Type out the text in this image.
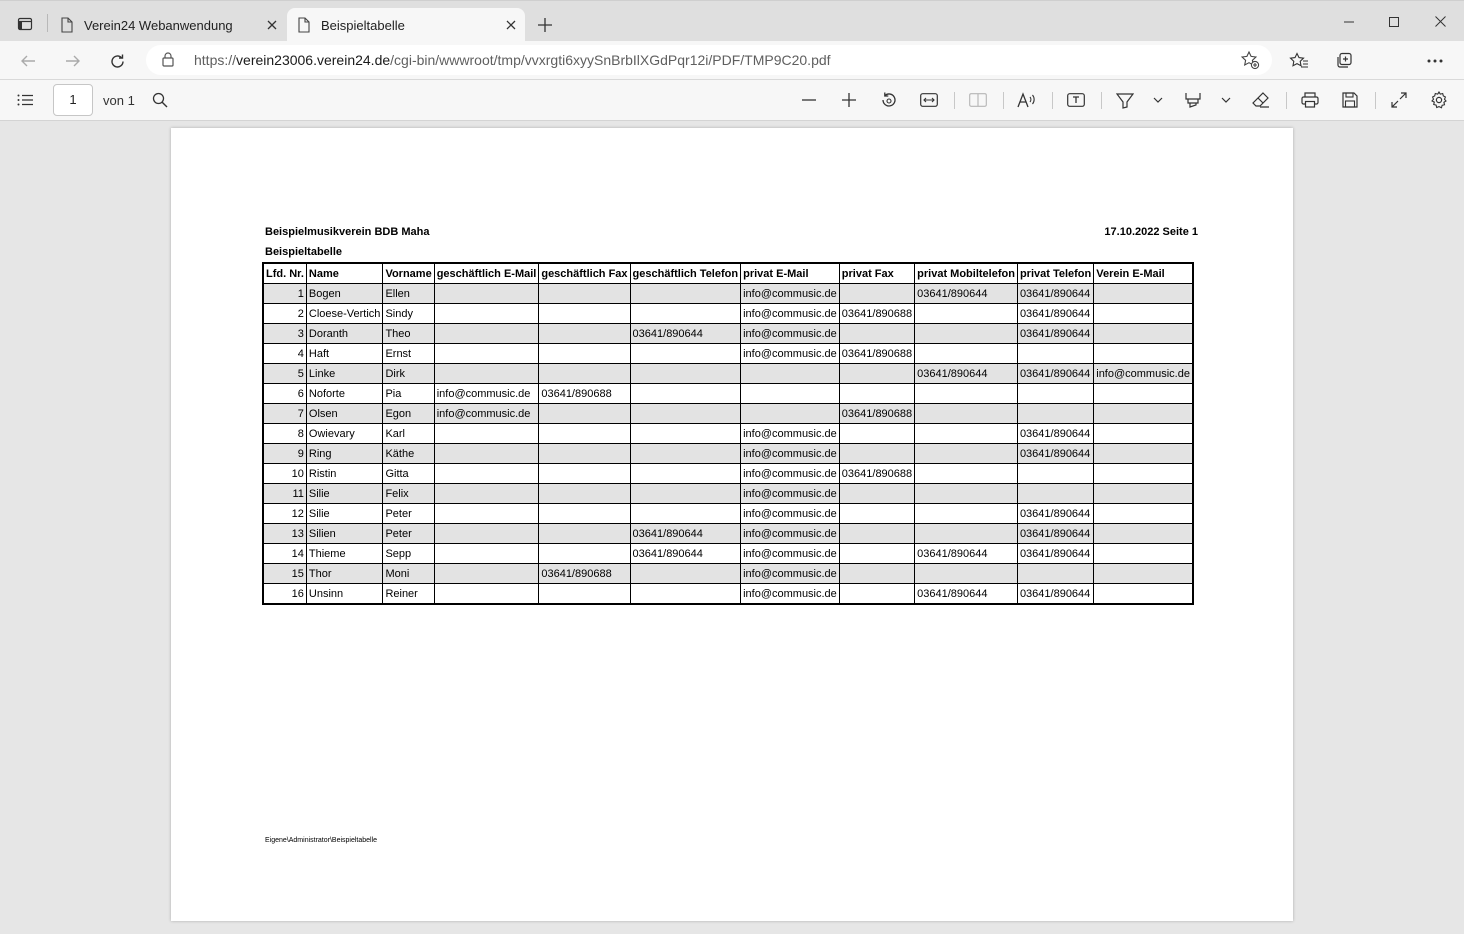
Verein24 Webanwendung	Beispieltabelle
https://verein23006.verein24.de/cgi-bin/wwwroot/tmp/vvxrgti6xyySnBrbIlXGdPqr12i/PDF/TMP9C20.pdf
1	von 1
Beispielmusikverein BDB Maha	17.10.2022 Seite 1
Beispieltabelle
Lfd. Nr.	Name	Vorname	geschäftlich E-Mail	geschäftlich Fax	geschäftlich Telefon	privat E-Mail	privat Fax	privat Mobiltelefon	privat Telefon	Verein E-Mail
1	Bogen	Ellen				info@commusic.de		03641/890644	03641/890644	
2	Cloese-Vertich	Sindy				info@commusic.de	03641/890688		03641/890644	
3	Doranth	Theo			03641/890644	info@commusic.de			03641/890644	
4	Haft	Ernst				info@commusic.de	03641/890688			
5	Linke	Dirk						03641/890644	03641/890644	info@commusic.de
6	Noforte	Pia	info@commusic.de	03641/890688						
7	Olsen	Egon	info@commusic.de				03641/890688			
8	Owievary	Karl				info@commusic.de			03641/890644	
9	Ring	Käthe				info@commusic.de			03641/890644	
10	Ristin	Gitta				info@commusic.de	03641/890688			
11	Silie	Felix				info@commusic.de				
12	Silie	Peter				info@commusic.de			03641/890644	
13	Silien	Peter			03641/890644	info@commusic.de			03641/890644	
14	Thieme	Sepp			03641/890644	info@commusic.de		03641/890644	03641/890644	
15	Thor	Moni		03641/890688		info@commusic.de				
16	Unsinn	Reiner				info@commusic.de		03641/890644	03641/890644	
Eigene\Administrator\Beispieltabelle
